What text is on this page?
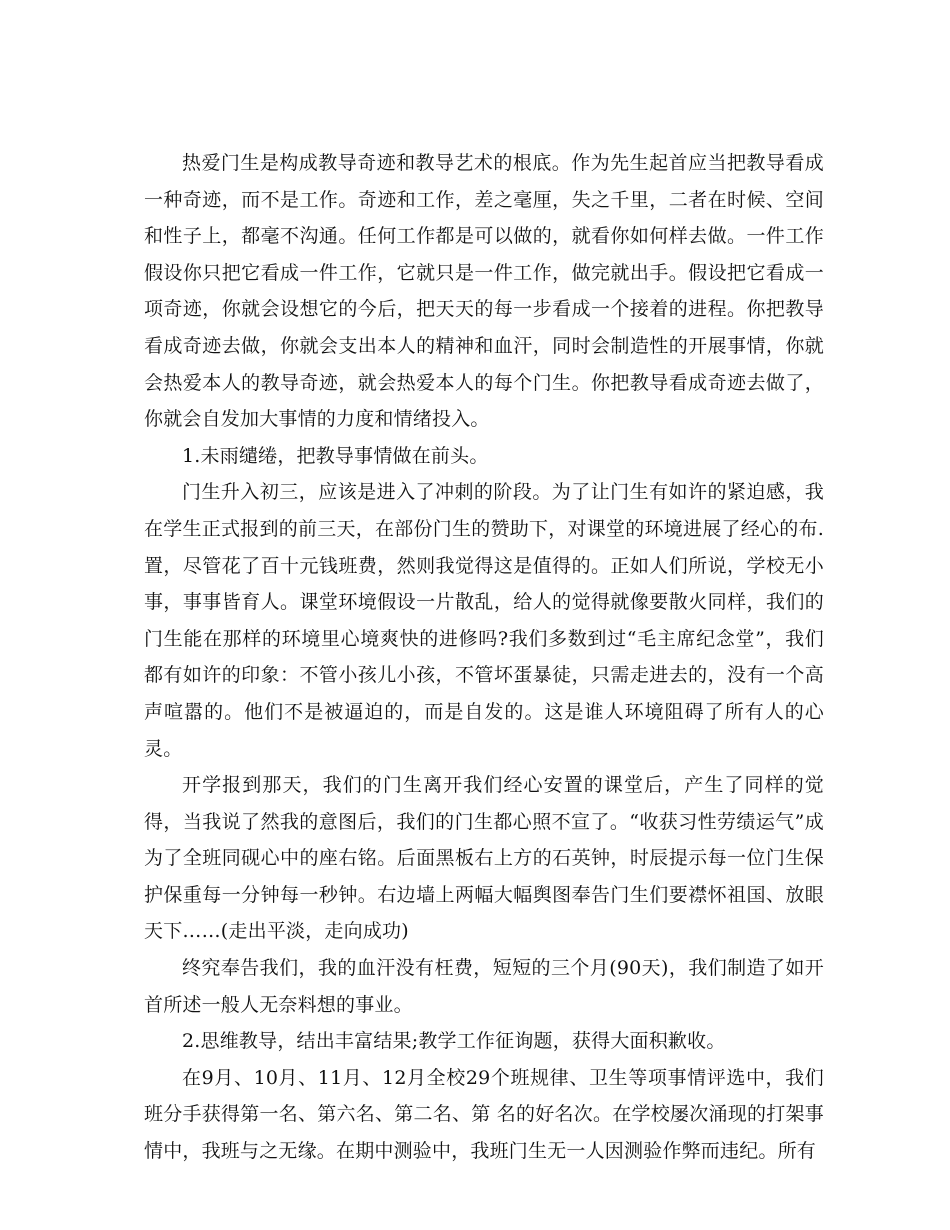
热爱门生是构成教导奇迹和教导艺术的根底。作为先生起首应当把教导看成一种奇迹，而不是工作。奇迹和工作，差之毫厘，失之千里，二者在时候、空间和性子上，都毫不沟通。任何工作都是可以做的，就看你如何样去做。一件工作假设你只把它看成一件工作，它就只是一件工作，做完就出手。假设把它看成一项奇迹，你就会设想它的今后，把天天的每一步看成一个接着的进程。你把教导看成奇迹去做，你就会支出本人的精神和血汗，同时会制造性的开展事情，你就会热爱本人的教导奇迹，就会热爱本人的每个门生。你把教导看成奇迹去做了，你就会自发加大事情的力度和情绪投入。

1.未雨缱绻，把教导事情做在前头。

门生升入初三，应该是进入了冲刺的阶段。为了让门生有如许的紧迫感，我在学生正式报到的前三天，在部份门生的赞助下，对课堂的环境进展了经心的布.置，尽管花了百十元钱班费，然则我觉得这是值得的。正如人们所说，学校无小事，事事皆育人。课堂环境假设一片散乱，给人的觉得就像要散火同样，我们的门生能在那样的环境里心境爽快的进修吗?我们多数到过“毛主席纪念堂”，我们都有如许的印象：不管小孩儿小孩，不管坏蛋暴徒，只需走进去的，没有一个高声喧嚣的。他们不是被逼迫的，而是自发的。这是谁人环境阻碍了所有人的心灵。

开学报到那天，我们的门生离开我们经心安置的课堂后，产生了同样的觉得，当我说了然我的意图后，我们的门生都心照不宣了。“收获习性劳绩运气”成为了全班同砚心中的座右铭。后面黑板右上方的石英钟，时辰提示每一位门生保护保重每一分钟每一秒钟。右边墙上两幅大幅舆图奉告门生们要襟怀祖国、放眼天下……(走出平淡，走向成功)

终究奉告我们，我的血汗没有枉费，短短的三个月(90天)，我们制造了如开首所述一般人无奈料想的事业。

2.思维教导，结出丰富结果;教学工作征询题，获得大面积歉收。

在9月、10月、11月、12月全校29个班规律、卫生等项事情评选中，我们班分手获得第一名、第六名、第二名、第 名的好名次。在学校屡次涌现的打架事情中，我班与之无缘。在期中测验中，我班门生无一人因测验作弊而违纪。所有
